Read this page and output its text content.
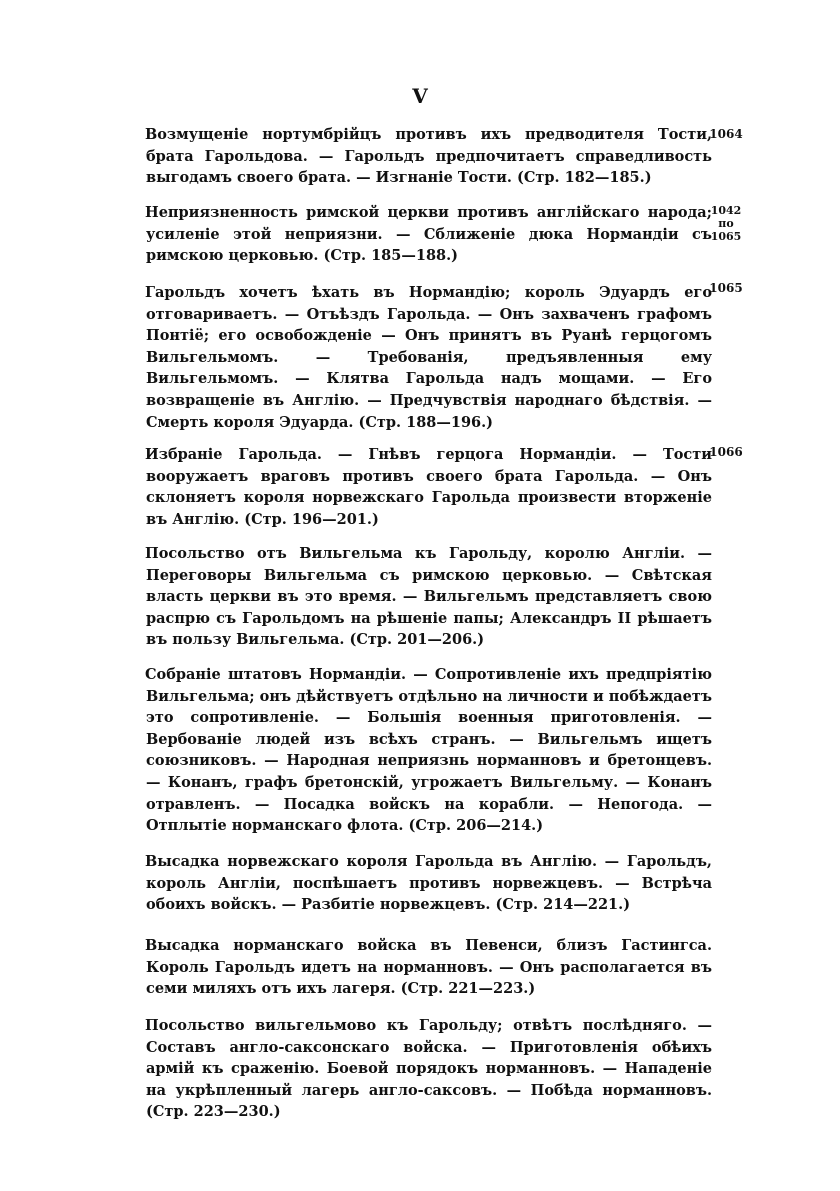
V
Возмущеніе нортумбрійцъ противъ ихъ предводителя Тости, брата Гарольдова. — Гарольдъ предпочитаетъ справедливость выгодамъ своего брата. — Изгнаніе Тости. (Стр. 182—185.)
1064
Неприязненность римской церкви противъ англійскаго народа; усиленіе этой неприязни. — Сближеніе дюка Нормандіи съ римскою церковью. (Стр. 185—188.)
1042
по
1065
Гарольдъ хочетъ ѣхать въ Нормандію; король Эдуардъ его отговариваетъ. — Отъѣздъ Гарольда. — Онъ захваченъ графомъ Понтіё; его освобожденіе — Онъ принятъ въ Руанѣ герцогомъ Вильгельмомъ. — Требованія, предъявленныя ему Вильгельмомъ. — Клятва Гарольда надъ мощами. — Его возвращеніе въ Англію. — Предчувствія народнаго бѣдствія. — Смерть короля Эдуарда. (Стр. 188—196.)
1065
Избраніе Гарольда. — Гнѣвъ герцога Нормандіи. — Тости вооружаетъ враговъ противъ своего брата Гарольда. — Онъ склоняетъ короля норвежскаго Гарольда произвести вторженіе въ Англію. (Стр. 196—201.)
1066
Посольство отъ Вильгельма къ Гарольду, королю Англіи. — Переговоры Вильгельма съ римскою церковью. — Свѣтская власть церкви въ это время. — Вильгельмъ представляетъ свою распрю съ Гарольдомъ на рѣшеніе папы; Александръ II рѣшаетъ въ пользу Вильгельма. (Стр. 201—206.)
Собраніе штатовъ Нормандіи. — Сопротивленіе ихъ предпріятію Вильгельма; онъ дѣйствуетъ отдѣльно на личности и побѣждаетъ это сопротивленіе. — Большія военныя приготовленія. — Вербованіе людей изъ всѣхъ странъ. — Вильгельмъ ищетъ союзниковъ. — Народная неприязнь норманновъ и бретонцевъ. — Конанъ, графъ бретонскій, угрожаетъ Вильгельму. — Конанъ отравленъ. — Посадка войскъ на корабли. — Непогода. — Отплытіе норманскаго флота. (Стр. 206—214.)
Высадка норвежскаго короля Гарольда въ Англію. — Гарольдъ, король Англіи, поспѣшаетъ противъ норвежцевъ. — Встрѣча обоихъ войскъ. — Разбитіе норвежцевъ. (Стр. 214—221.)
Высадка норманскаго войска въ Певенси, близъ Гастингса. Король Гарольдъ идетъ на норманновъ. — Онъ располагается въ семи миляхъ отъ ихъ лагеря. (Стр. 221—223.)
Посольство вильгельмово къ Гарольду; отвѣтъ послѣдняго. — Составъ англо-саксонскаго войска. — Приготовленія обѣихъ армій къ сраженію. Боевой порядокъ норманновъ. — Нападеніе на укрѣпленный лагерь англо-саксовъ. — Побѣда норманновъ. (Стр. 223—230.)
